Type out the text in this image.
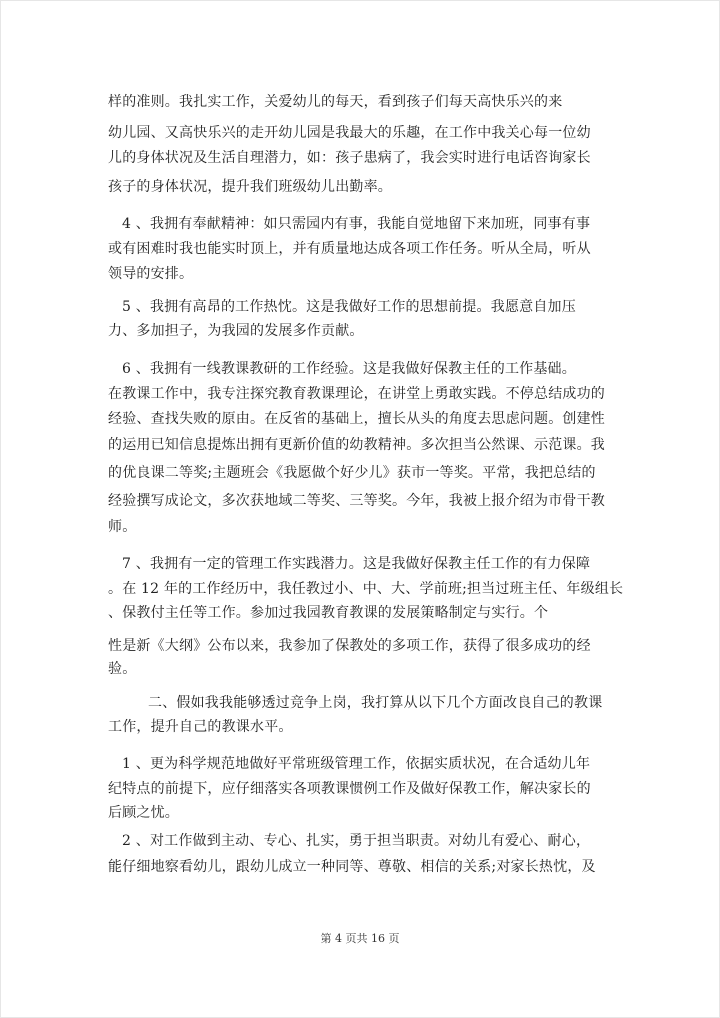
样的准则。我扎实工作，关爱幼儿的每天，看到孩子们每天高快乐兴的来
幼儿园、又高快乐兴的走开幼儿园是我最大的乐趣，在工作中我关心每一位幼
儿的身体状况及生活自理潜力，如：孩子患病了，我会实时进行电话咨询家长
孩子的身体状况，提升我们班级幼儿出勤率。
4 、我拥有奉献精神：如只需园内有事，我能自觉地留下来加班，同事有事
或有困难时我也能实时顶上，并有质量地达成各项工作任务。听从全局，听从
领导的安排。
5 、我拥有高昂的工作热忱。这是我做好工作的思想前提。我愿意自加压
力、多加担子，为我园的发展多作贡献。
6 、我拥有一线教课教研的工作经验。这是我做好保教主任的工作基础。
在教课工作中，我专注探究教育教课理论，在讲堂上勇敢实践。不停总结成功的
经验、查找失败的原由。在反省的基础上，擅长从头的角度去思虑问题。创建性
的运用已知信息提炼出拥有更新价值的幼教精神。多次担当公然课、示范课。我
的优良课二等奖;主题班会《我愿做个好少儿》获市一等奖。平常，我把总结的
经验撰写成论文，多次获地域二等奖、三等奖。今年，我被上报介绍为市骨干教
师。
7 、我拥有一定的管理工作实践潜力。这是我做好保教主任工作的有力保障
。在 12 年的工作经历中，我任教过小、中、大、学前班;担当过班主任、年级组长
、保教付主任等工作。参加过我园教育教课的发展策略制定与实行。个
性是新《大纲》公布以来，我参加了保教处的多项工作，获得了很多成功的经
验。
二、假如我我能够透过竞争上岗，我打算从以下几个方面改良自己的教课
工作，提升自己的教课水平。
1 、更为科学规范地做好平常班级管理工作，依据实质状况，在合适幼儿年
纪特点的前提下，应仔细落实各项教课惯例工作及做好保教工作，解决家长的
后顾之忧。
2 、对工作做到主动、专心、扎实，勇于担当职责。对幼儿有爱心、耐心，
能仔细地察看幼儿，跟幼儿成立一种同等、尊敬、相信的关系;对家长热忱，及
第 4 页共 16 页
